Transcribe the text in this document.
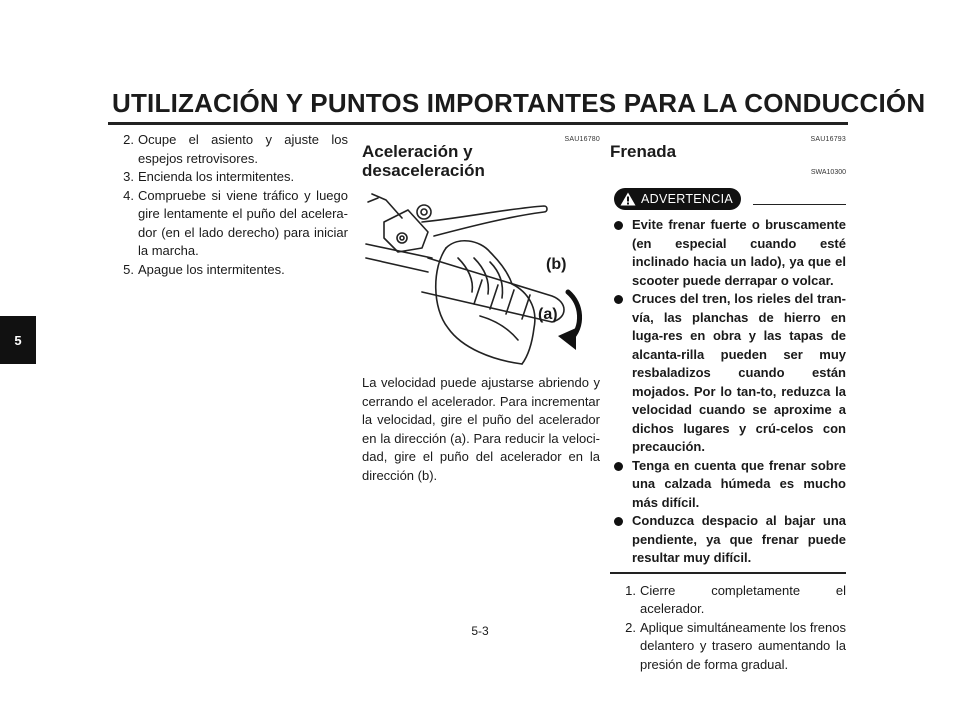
UTILIZACIÓN Y PUNTOS IMPORTANTES PARA LA CONDUCCIÓN
5
2. Ocupe el asiento y ajuste los espejos retrovisores.
3. Encienda los intermitentes.
4. Compruebe si viene tráfico y luego gire lentamente el puño del acelera-dor (en el lado derecho) para iniciar la marcha.
5. Apague los intermitentes.
SAU16780
Aceleración y desaceleración
(b)
(a)
La velocidad puede ajustarse abriendo y cerrando el acelerador. Para incrementar la velocidad, gire el puño del acelerador en la dirección (a). Para reducir la veloci-dad, gire el puño del acelerador en la dirección (b).
SAU16793
Frenada
SWA10300
ADVERTENCIA
Evite frenar fuerte o bruscamente (en especial cuando esté inclinado hacia un lado), ya que el scooter puede derrapar o volcar.
Cruces del tren, los rieles del tran-vía, las planchas de hierro en luga-res en obra y las tapas de alcanta-rilla pueden ser muy resbaladizos cuando están mojados. Por lo tan-to, reduzca la velocidad cuando se aproxime a dichos lugares y crú-celos con precaución.
Tenga en cuenta que frenar sobre una calzada húmeda es mucho más difícil.
Conduzca despacio al bajar una pendiente, ya que frenar puede resultar muy difícil.
1. Cierre completamente el acelerador.
2. Aplique simultáneamente los frenos delantero y trasero aumentando la presión de forma gradual.
5-3
